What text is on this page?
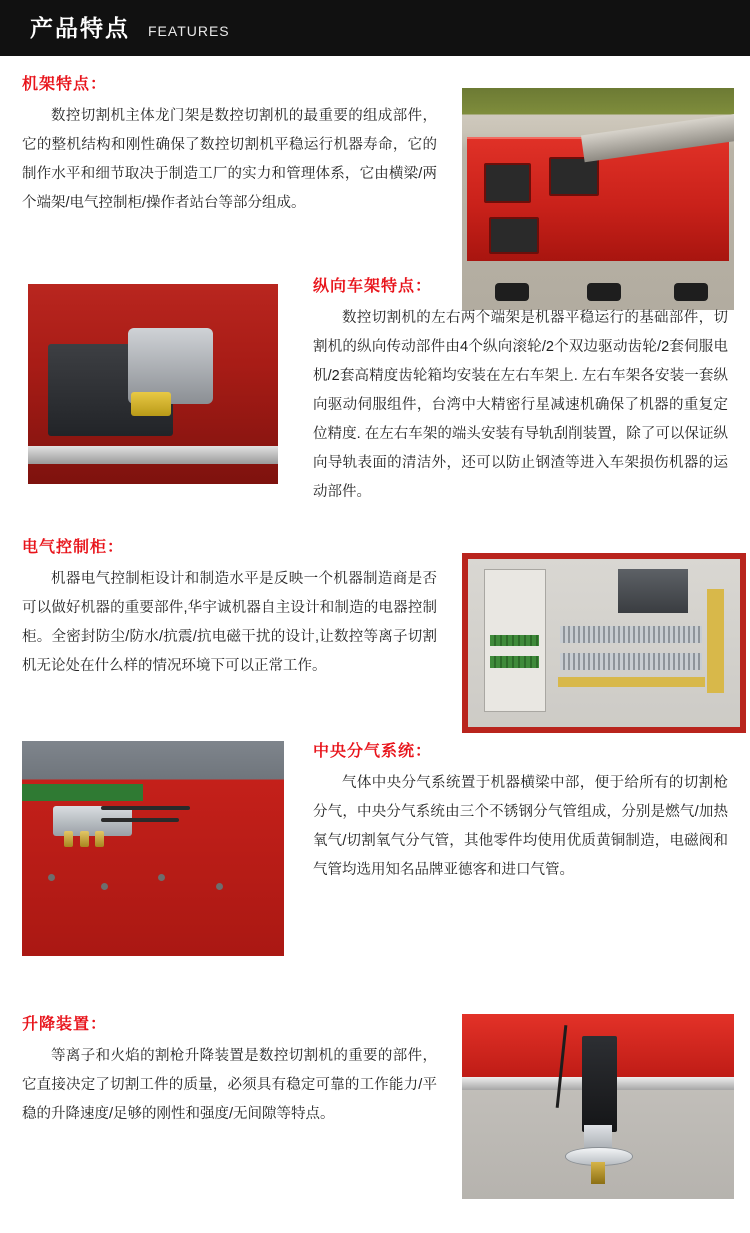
产品特点 FEATURES
机架特点：

数控切割机主体龙门架是数控切割机的最重要的组成部件，它的整机结构和刚性确保了数控切割机平稳运行机器寿命，它的制作水平和细节取决于制造工厂的实力和管理体系，它由横梁/两个端架/电气控制柜/操作者站台等部分组成。

纵向车架特点：

数控切割机的左右两个端架是机器平稳运行的基础部件，切割机的纵向传动部件由4个纵向滚轮/2个双边驱动齿轮/2套伺服电机/2套高精度齿轮箱均安装在左右车架上. 左右车架各安装一套纵向驱动伺服组件，台湾中大精密行星减速机确保了机器的重复定位精度. 在左右车架的端头安装有导轨刮削装置，除了可以保证纵向导轨表面的清洁外，还可以防止钢渣等进入车架损伤机器的运动部件。

电气控制柜：

机器电气控制柜设计和制造水平是反映一个机器制造商是否可以做好机器的重要部件,华宇诚机器自主设计和制造的电器控制柜。全密封防尘/防水/抗震/抗电磁干扰的设计,让数控等离子切割机无论处在什么样的情况环境下可以正常工作。

中央分气系统：

气体中央分气系统置于机器横梁中部，便于给所有的切割枪分气，中央分气系统由三个不锈钢分气管组成，分别是燃气/加热氧气/切割氧气分气管，其他零件均使用优质黄铜制造，电磁阀和气管均选用知名品牌亚德客和进口气管。

升降装置：

等离子和火焰的割枪升降装置是数控切割机的重要的部件，它直接决定了切割工件的质量，必须具有稳定可靠的工作能力/平稳的升降速度/足够的刚性和强度/无间隙等特点。
